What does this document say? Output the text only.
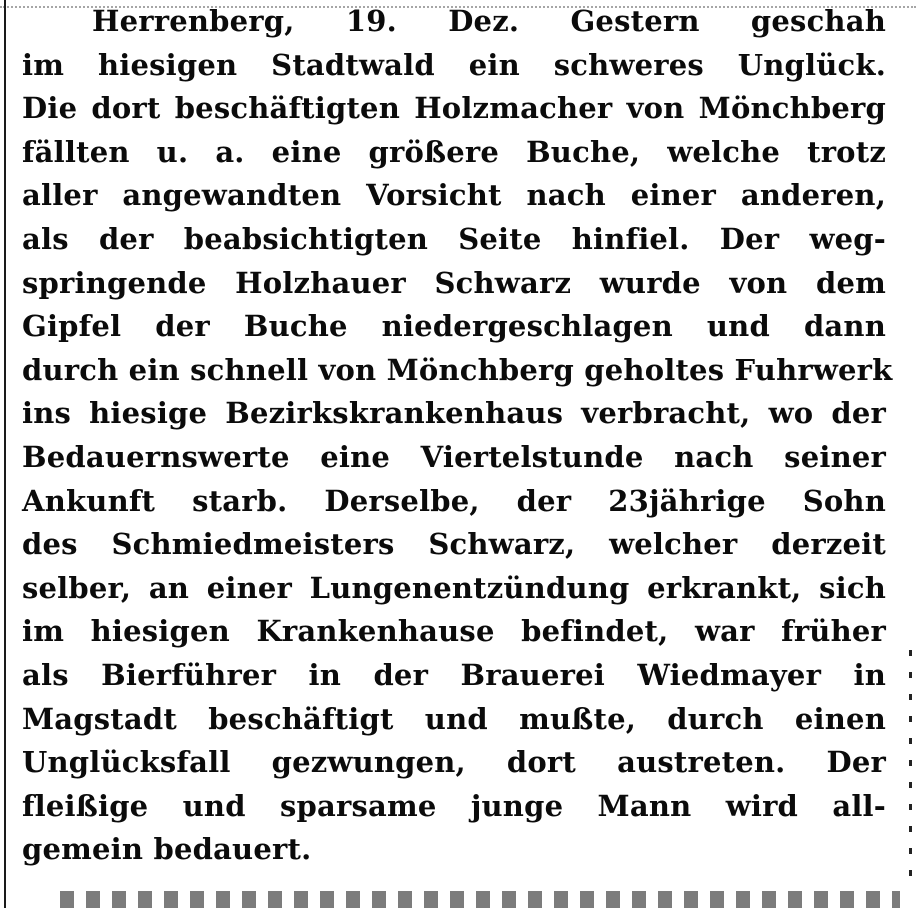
Herrenberg, 19. Dez. Gestern geschah
im hiesigen Stadtwald ein schweres Unglück.
Die dort beschäftigten Holzmacher von Mönchberg
fällten u. a. eine größere Buche, welche trotz
aller angewandten Vorsicht nach einer anderen,
als der beabsichtigten Seite hinfiel. Der weg-
springende Holzhauer Schwarz wurde von dem
Gipfel der Buche niedergeschlagen und dann
durch ein schnell von Mönchberg geholtes Fuhrwerk
ins hiesige Bezirkskrankenhaus verbracht, wo der
Bedauernswerte eine Viertelstunde nach seiner
Ankunft starb. Derselbe, der 23jährige Sohn
des Schmiedmeisters Schwarz, welcher derzeit
selber, an einer Lungenentzündung erkrankt, sich
im hiesigen Krankenhause befindet, war früher
als Bierführer in der Brauerei Wiedmayer in
Magstadt beschäftigt und mußte, durch einen
Unglücksfall gezwungen, dort austreten. Der
fleißige und sparsame junge Mann wird all-
gemein bedauert.
